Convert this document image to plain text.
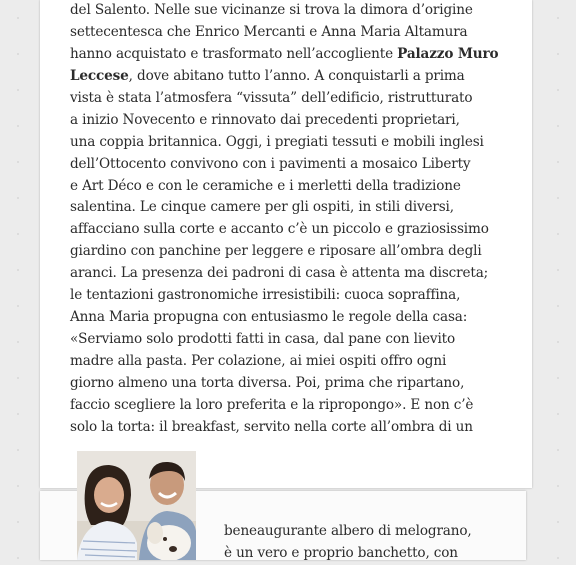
del Salento. Nelle sue vicinanze si trova la dimora d’origine
settecentesca che Enrico Mercanti e Anna Maria Altamura
hanno acquistato e trasformato nell’accogliente Palazzo Muro
Leccese, dove abitano tutto l’anno. A conquistarli a prima
vista è stata l’atmosfera “vissuta” dell’edificio, ristrutturato
a inizio Novecento e rinnovato dai precedenti proprietari,
una coppia britannica. Oggi, i pregiati tessuti e mobili inglesi
dell’Ottocento convivono con i pavimenti a mosaico Liberty
e Art Déco e con le ceramiche e i merletti della tradizione
salentina. Le cinque camere per gli ospiti, in stili diversi,
affacciano sulla corte e accanto c’è un piccolo e graziosissimo
giardino con panchine per leggere e riposare all’ombra degli
aranci. La presenza dei padroni di casa è attenta ma discreta;
le tentazioni gastronomiche irresistibili: cuoca sopraffina,
Anna Maria propugna con entusiasmo le regole della casa:
«Serviamo solo prodotti fatti in casa, dal pane con lievito
madre alla pasta. Per colazione, ai miei ospiti offro ogni
giorno almeno una torta diversa. Poi, prima che ripartano,
faccio scegliere la loro preferita e la ripropongo». E non c’è
solo la torta: il breakfast, servito nella corte all’ombra di un
beneaugurante albero di melograno,
è un vero e proprio banchetto, con
